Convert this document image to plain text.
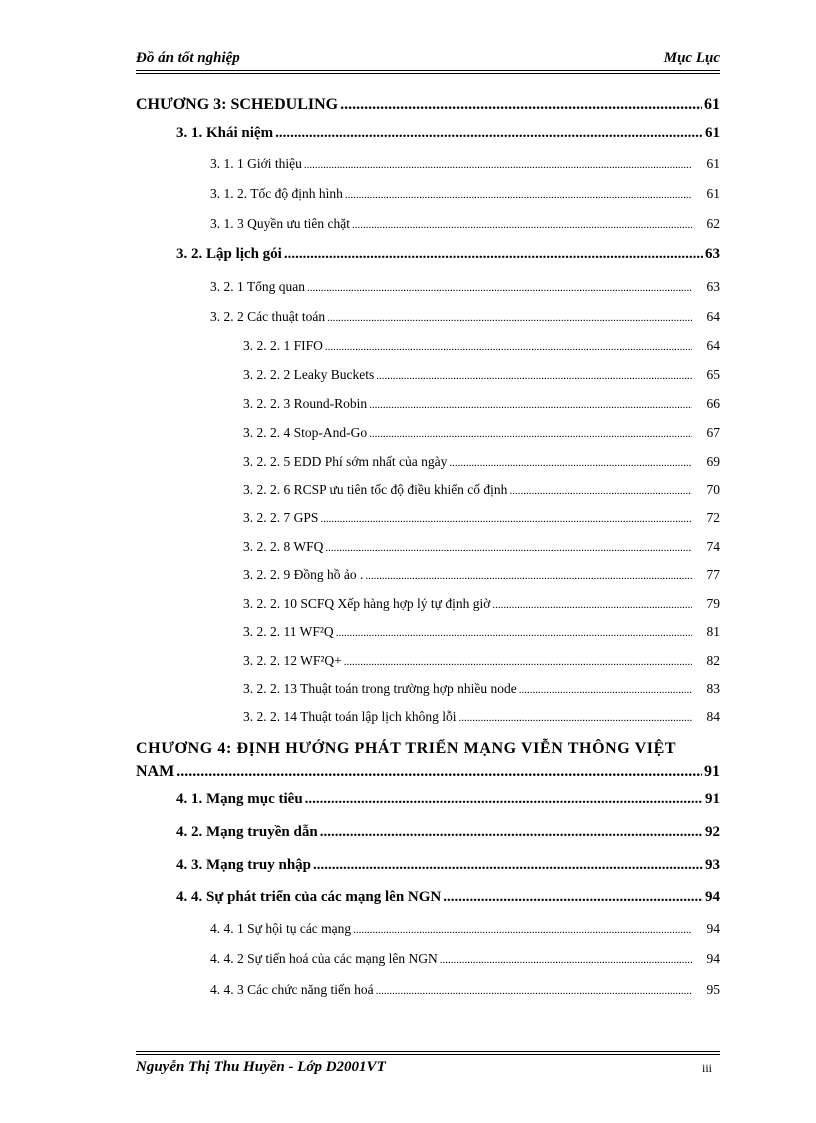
Đồ án tốt nghiệp	Mục Lục
CHƯƠNG 3: SCHEDULING .....	61
3. 1. Khái niệm .....	61
3. 1. 1 Giới thiệu .....	61
3. 1. 2. Tốc độ định hình .....	61
3. 1. 3 Quyền ưu tiên chặt .....	62
3. 2. Lập lịch gói .....	63
3. 2. 1 Tổng quan .....	63
3. 2. 2 Các thuật toán .....	64
3. 2. 2. 1 FIFO .....	64
3. 2. 2. 2 Leaky Buckets .....	65
3. 2. 2. 3 Round-Robin .....	66
3. 2. 2. 4 Stop-And-Go .....	67
3. 2. 2. 5 EDD Phí sớm nhất của ngày .....	69
3. 2. 2. 6 RCSP ưu tiên tốc độ điều khiển cố định .....	70
3. 2. 2. 7 GPS .....	72
3. 2. 2. 8 WFQ .....	74
3. 2. 2. 9 Đồng hồ ảo . .....	77
3. 2. 2. 10 SCFQ Xếp hàng hợp lý tự định giờ .....	79
3. 2. 2. 11 WF²Q .....	81
3. 2. 2. 12 WF²Q+ .....	82
3. 2. 2. 13 Thuật toán trong trường hợp nhiều node .....	83
3. 2. 2. 14 Thuật toán lập lịch không lỗi .....	84
CHƯƠNG 4: ĐỊNH HƯỚNG PHÁT TRIỂN MẠNG VIỄN THÔNG VIỆT
NAM .....	91
4. 1. Mạng mục tiêu .....	91
4. 2. Mạng truyền dẫn .....	92
4. 3. Mạng truy nhập .....	93
4. 4. Sự phát triển của các mạng lên NGN .....	94
4. 4. 1 Sự hội tụ các mạng .....	94
4. 4. 2 Sự tiến hoá của các mạng lên NGN .....	94
4. 4. 3 Các chức năng tiến hoá .....	95
Nguyễn Thị Thu Huyền - Lớp D2001VT	iii
